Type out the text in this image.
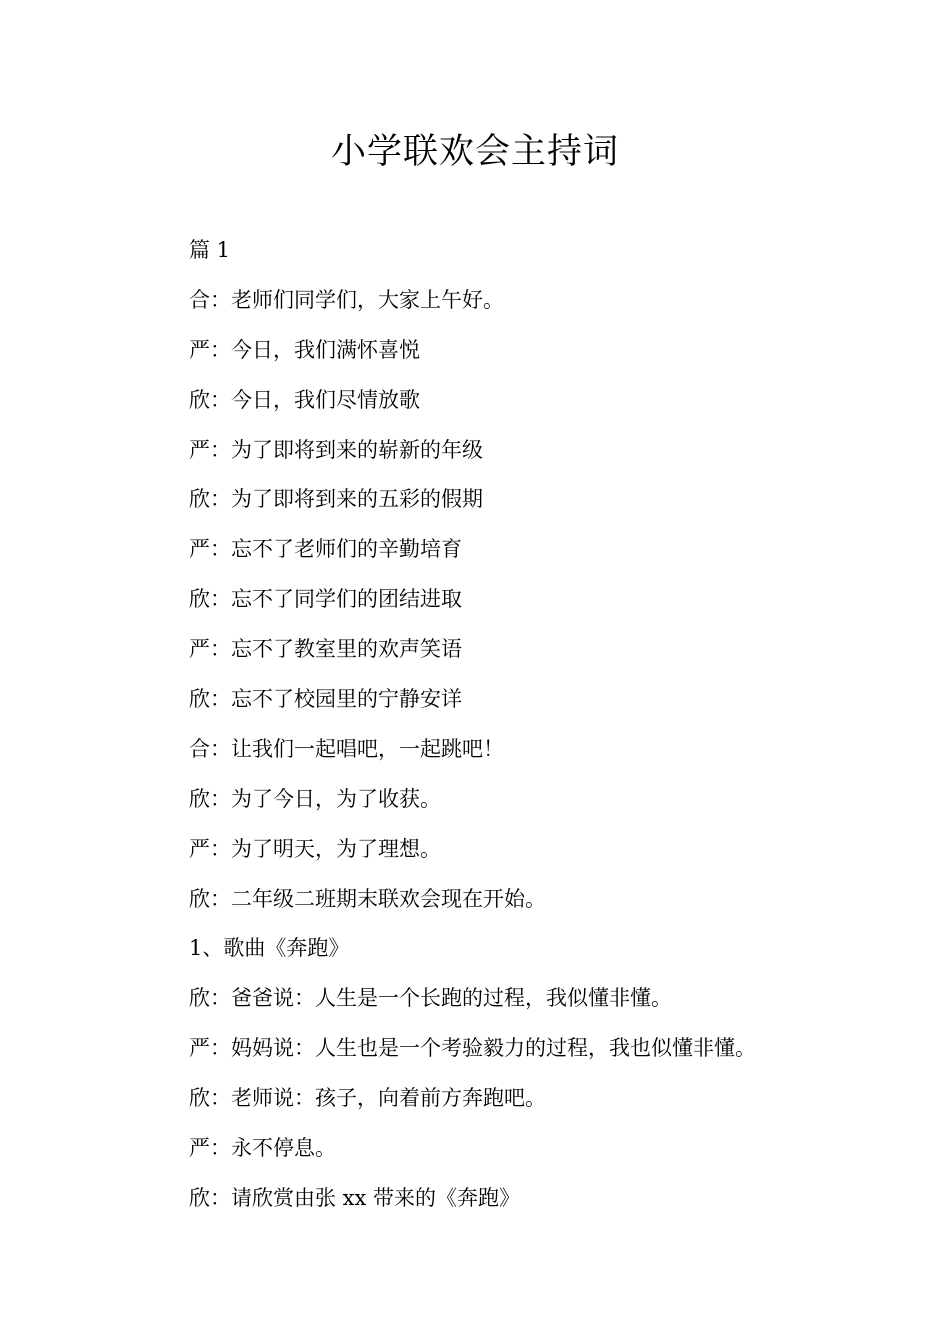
小学联欢会主持词
篇 1
合：老师们同学们，大家上午好。
严：今日，我们满怀喜悦
欣：今日，我们尽情放歌
严：为了即将到来的崭新的年级
欣：为了即将到来的五彩的假期
严：忘不了老师们的辛勤培育
欣：忘不了同学们的团结进取
严：忘不了教室里的欢声笑语
欣：忘不了校园里的宁静安详
合：让我们一起唱吧，一起跳吧！
欣：为了今日，为了收获。
严：为了明天，为了理想。
欣：二年级二班期末联欢会现在开始。
1、歌曲《奔跑》
欣：爸爸说：人生是一个长跑的过程，我似懂非懂。
严：妈妈说：人生也是一个考验毅力的过程，我也似懂非懂。
欣：老师说：孩子，向着前方奔跑吧。
严：永不停息。
欣：请欣赏由张 xx 带来的《奔跑》
